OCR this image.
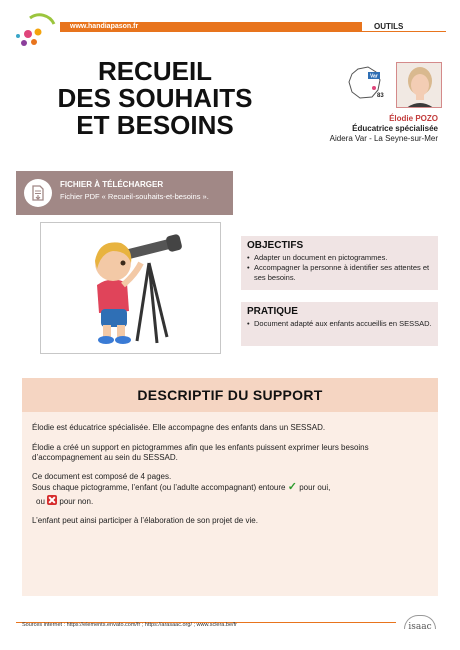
www.handiapason.fr	OUTILS
RECUEIL
DES SOUHAITS
ET BESOINS
Var
83
Élodie POZO
Éducatrice spécialisée
Aidera Var - La Seyne-sur-Mer
FICHIER À TÉLÉCHARGER
Fichier PDF « Recueil-souhaits-et-besoins ».
OBJECTIFS
• Adapter un document en pictogrammes.
• Accompagner la personne à identifier ses attentes et ses besoins.
PRATIQUE
• Document adapté aux enfants accueillis en SESSAD.
DESCRIPTIF DU SUPPORT

Élodie est éducatrice spécialisée. Elle accompagne des enfants dans un SESSAD.

Élodie a créé un support en pictogrammes afin que les enfants puissent exprimer leurs besoins d’accompagnement au sein du SESSAD.

Ce document est composé de 4 pages.

Sous chaque pictogramme, l’enfant (ou l’adulte accompagnant) entoure ✓ pour oui,

ou pour non.

L’enfant peut ainsi participer à l’élaboration de son projet de vie.

Sources internet : https://elements.envato.com/fr ; https://arasaac.org/ ; www.sclera.be/fr	isaac
